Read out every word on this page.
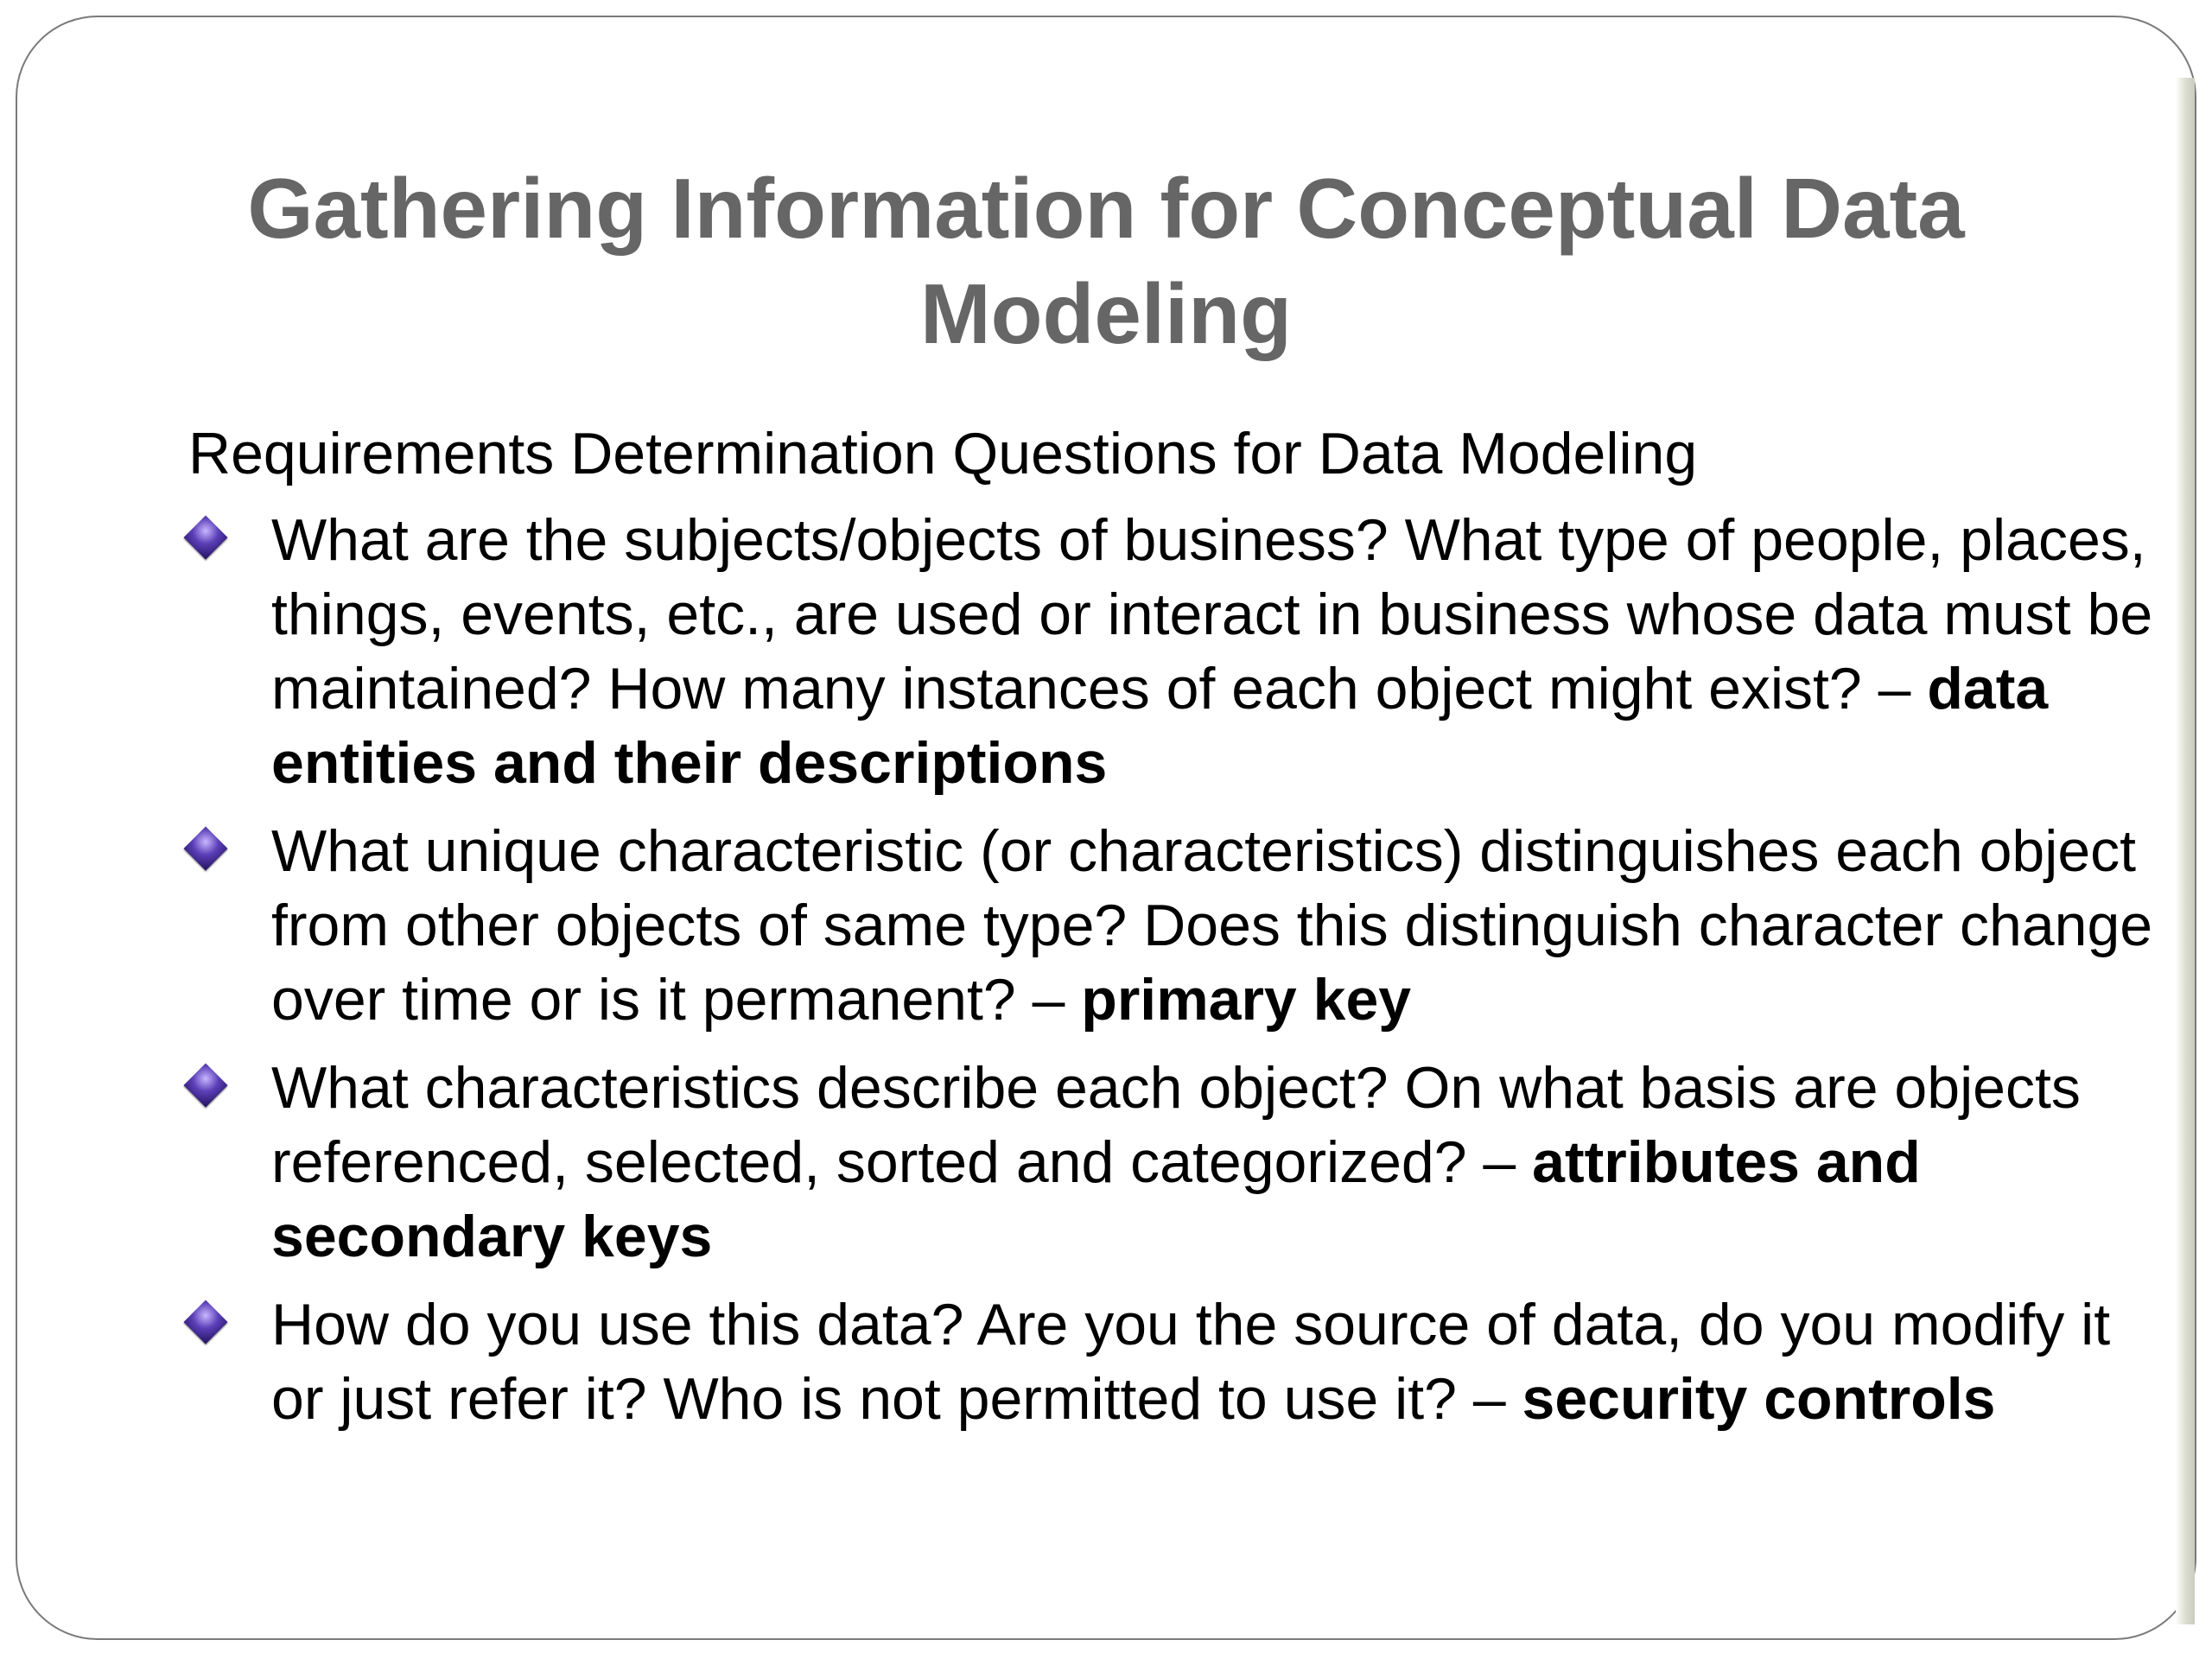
Gathering Information for Conceptual Data Modeling

Requirements Determination Questions for Data Modeling

What are the subjects/objects of business? What type of people, places, things, events, etc., are used or interact in business whose data must be maintained? How many instances of each object might exist? – data entities and their descriptions
What unique characteristic (or characteristics) distinguishes each object from other objects of same type? Does this distinguish character change over time or is it permanent? – primary key
What characteristics describe each object? On what basis are objects referenced, selected, sorted and categorized? – attributes and secondary keys
How do you use this data? Are you the source of data, do you modify it or just refer it? Who is not permitted to use it? – security controls
